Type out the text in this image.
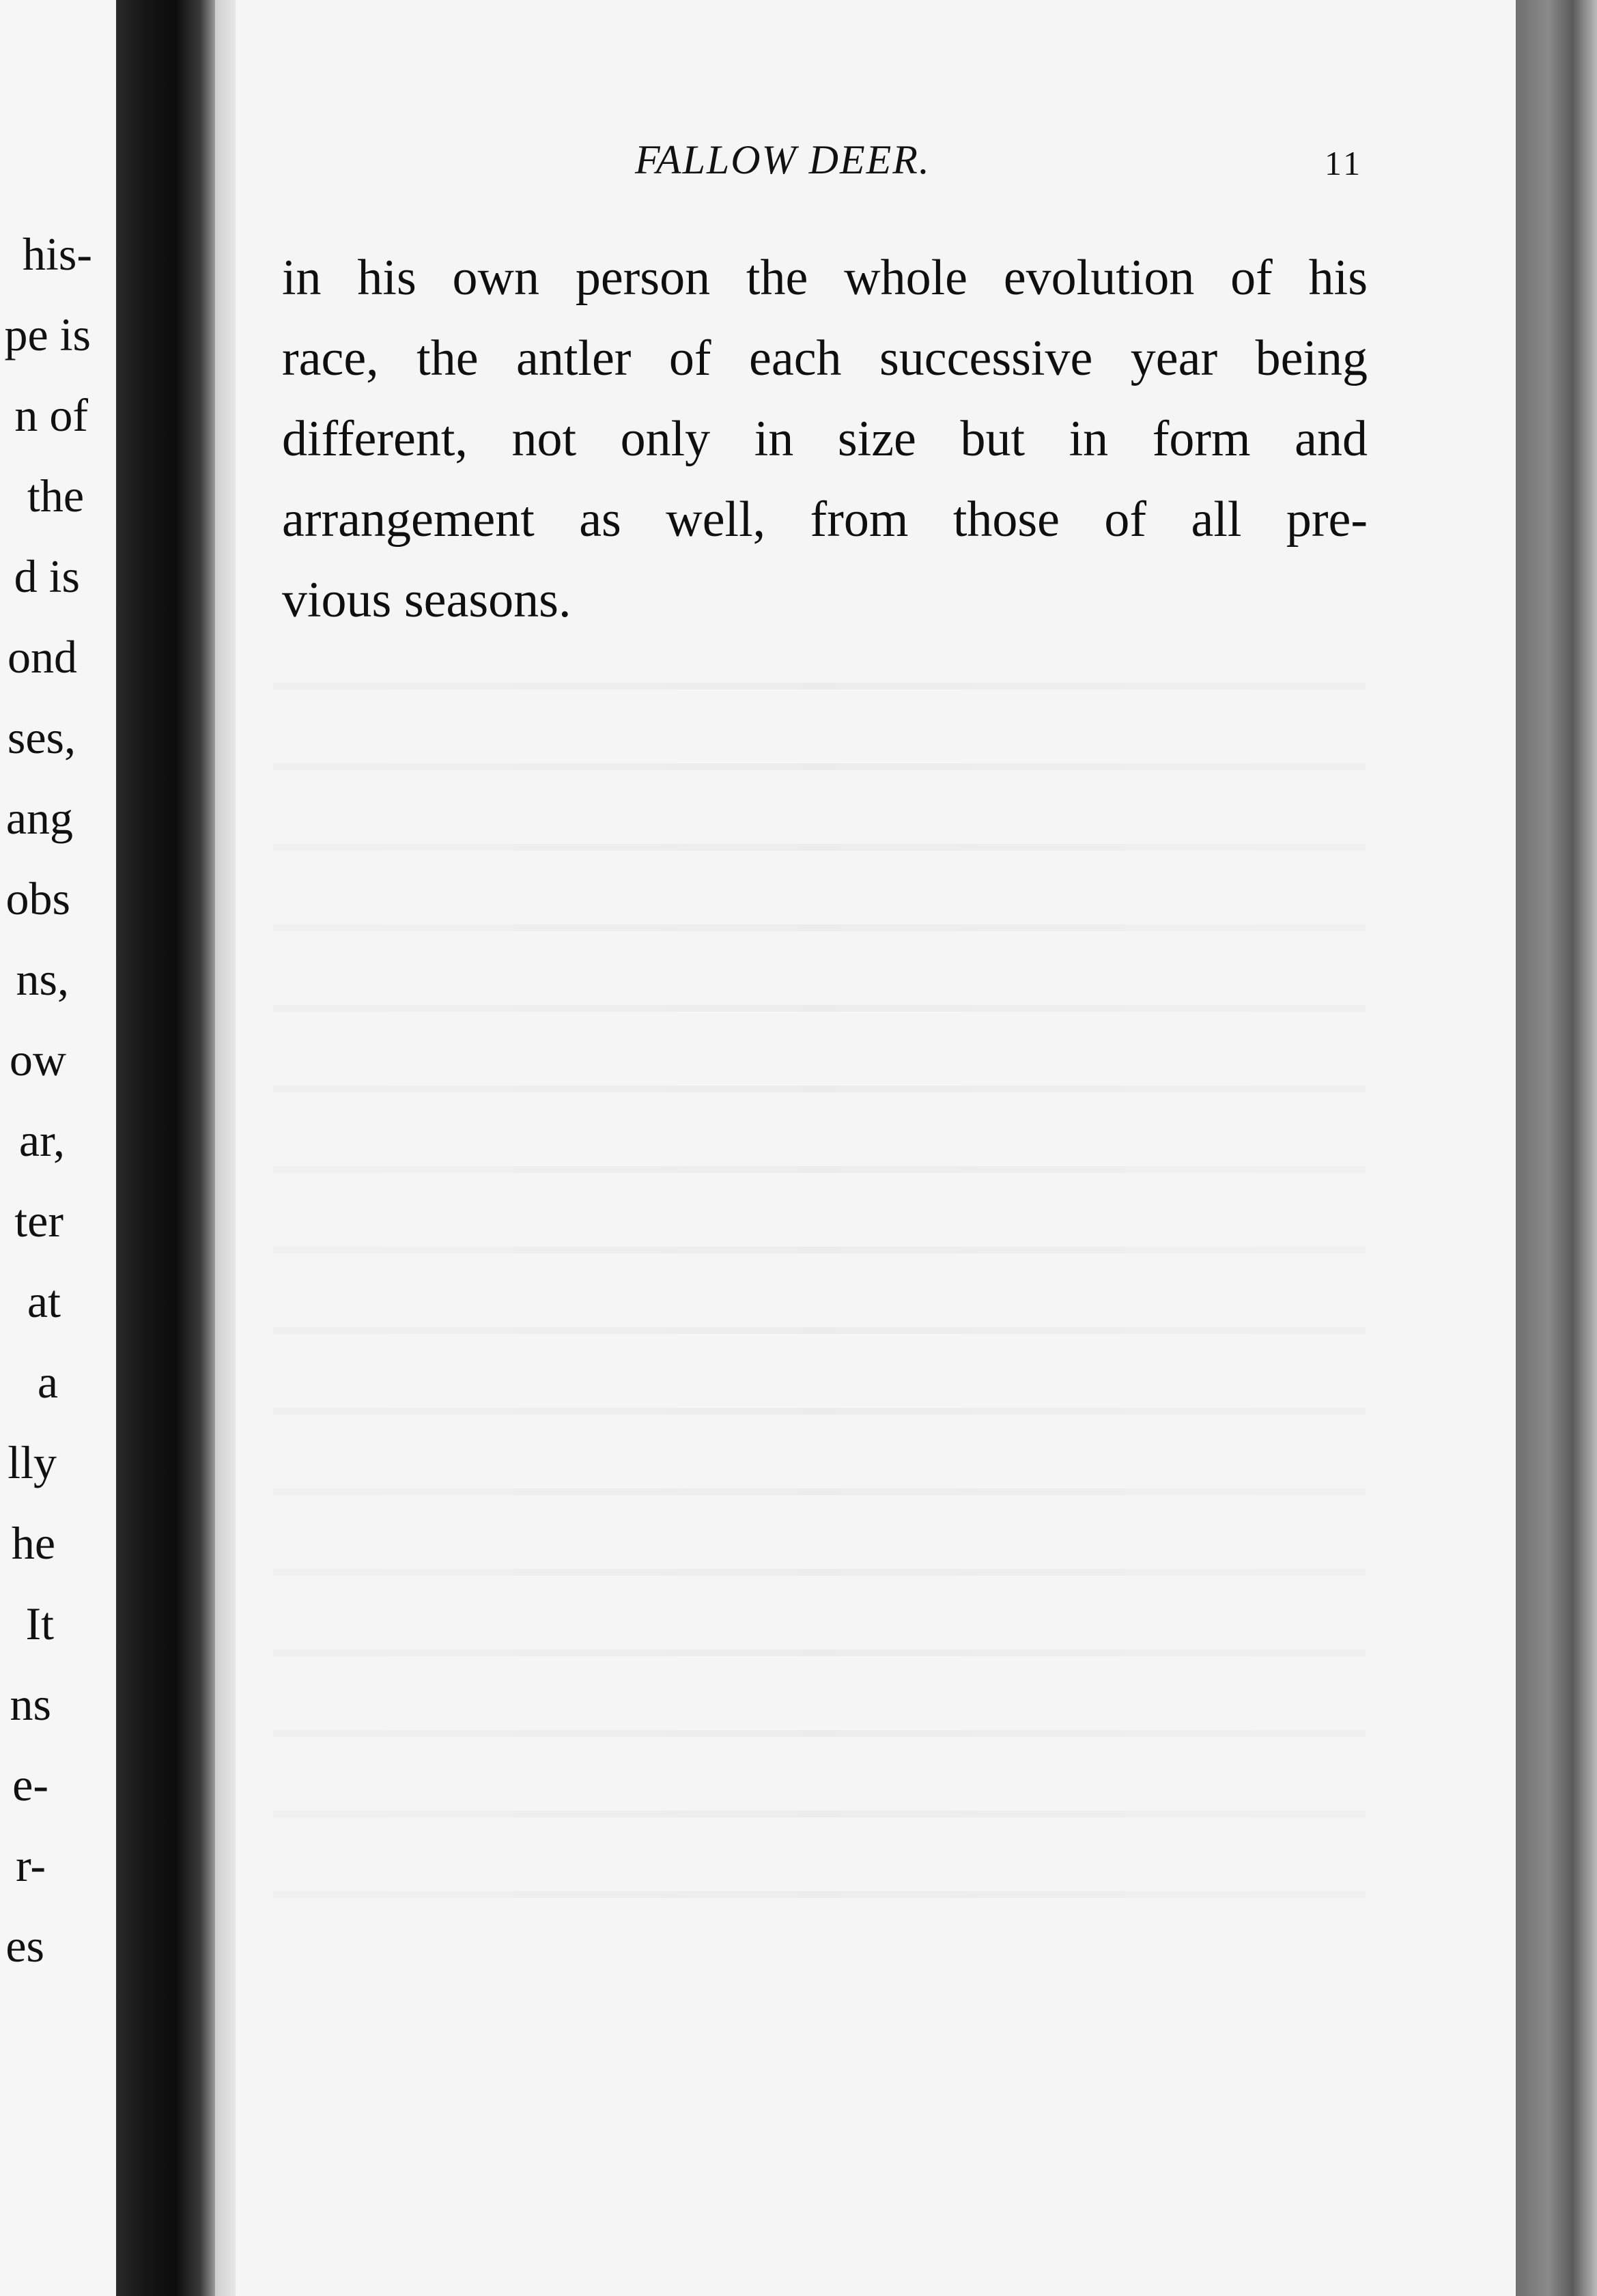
his-
pe is
n of
the
d is
ond
ses,
ang
obs
ns,
ow
ar,
ter
at
a
lly
he
It
ns
e-
r-
es
FALLOW DEER.	11
in his own person the whole evolution of his
race, the antler of each successive year being
different, not only in size but in form and
arrangement as well, from those of all pre-
vious seasons.
